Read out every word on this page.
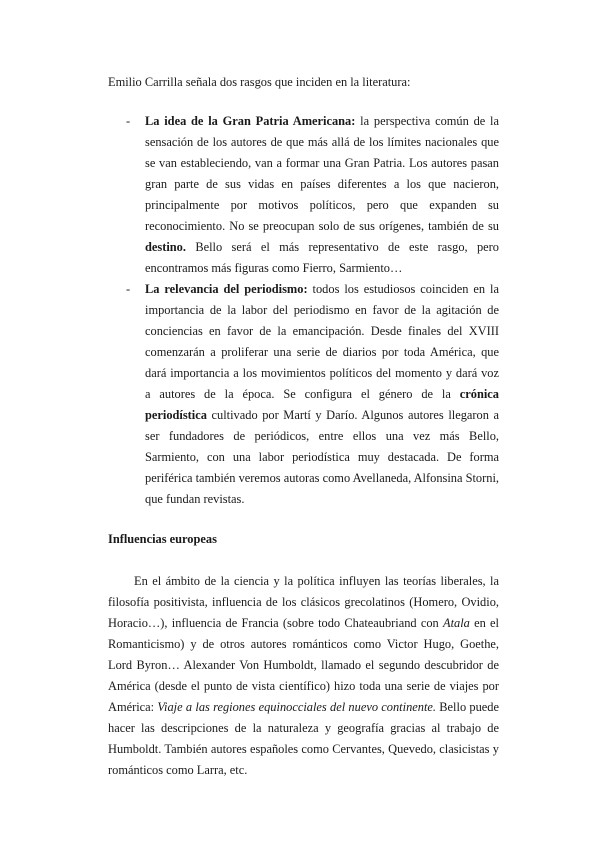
Emilio Carrilla señala dos rasgos que inciden en la literatura:
- La idea de la Gran Patria Americana: la perspectiva común de la sensación de los autores de que más allá de los límites nacionales que se van estableciendo, van a formar una Gran Patria. Los autores pasan gran parte de sus vidas en países diferentes a los que nacieron, principalmente por motivos políticos, pero que expanden su reconocimiento. No se preocupan solo de sus orígenes, también de su destino. Bello será el más representativo de este rasgo, pero encontramos más figuras como Fierro, Sarmiento…
- La relevancia del periodismo: todos los estudiosos coinciden en la importancia de la labor del periodismo en favor de la agitación de conciencias en favor de la emancipación. Desde finales del XVIII comenzarán a proliferar una serie de diarios por toda América, que dará importancia a los movimientos políticos del momento y dará voz a autores de la época. Se configura el género de la crónica periodística cultivado por Martí y Darío. Algunos autores llegaron a ser fundadores de periódicos, entre ellos una vez más Bello, Sarmiento, con una labor periodística muy destacada. De forma periférica también veremos autoras como Avellaneda, Alfonsina Storni, que fundan revistas.
Influencias europeas
En el ámbito de la ciencia y la política influyen las teorías liberales, la filosofía positivista, influencia de los clásicos grecolatinos (Homero, Ovidio, Horacio…), influencia de Francia (sobre todo Chateaubriand con Atala en el Romanticismo) y de otros autores románticos como Victor Hugo, Goethe, Lord Byron… Alexander Von Humboldt, llamado el segundo descubridor de América (desde el punto de vista científico) hizo toda una serie de viajes por América: Viaje a las regiones equinocciales del nuevo continente. Bello puede hacer las descripciones de la naturaleza y geografía gracias al trabajo de Humboldt. También autores españoles como Cervantes, Quevedo, clasicistas y románticos como Larra, etc.
